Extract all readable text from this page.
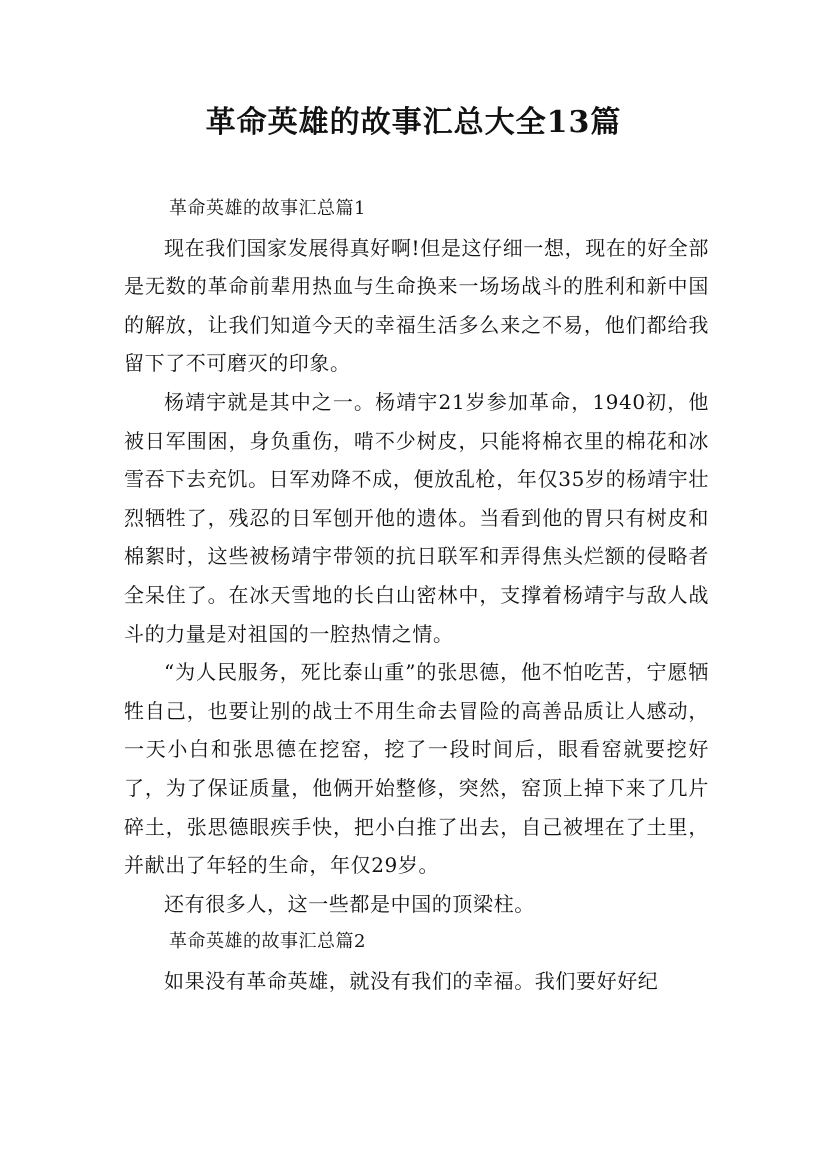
革命英雄的故事汇总大全13篇

革命英雄的故事汇总篇1

现在我们国家发展得真好啊!但是这仔细一想，现在的好全部是无数的革命前辈用热血与生命换来一场场战斗的胜利和新中国的解放，让我们知道今天的幸福生活多么来之不易，他们都给我留下了不可磨灭的印象。

杨靖宇就是其中之一。杨靖宇21岁参加革命，1940初，他被日军围困，身负重伤，啃不少树皮，只能将棉衣里的棉花和冰雪吞下去充饥。日军劝降不成，便放乱枪，年仅35岁的杨靖宇壮烈牺牲了，残忍的日军刨开他的遗体。当看到他的胃只有树皮和棉絮时，这些被杨靖宇带领的抗日联军和弄得焦头烂额的侵略者全呆住了。在冰天雪地的长白山密林中，支撑着杨靖宇与敌人战斗的力量是对祖国的一腔热情之情。

“为人民服务，死比泰山重”的张思德，他不怕吃苦，宁愿牺牲自己，也要让别的战士不用生命去冒险的高善品质让人感动，一天小白和张思德在挖窑，挖了一段时间后，眼看窑就要挖好了，为了保证质量，他俩开始整修，突然，窑顶上掉下来了几片碎土，张思德眼疾手快，把小白推了出去，自己被埋在了土里，并献出了年轻的生命，年仅29岁。

还有很多人，这一些都是中国的顶梁柱。

革命英雄的故事汇总篇2

如果没有革命英雄，就没有我们的幸福。我们要好好纪
